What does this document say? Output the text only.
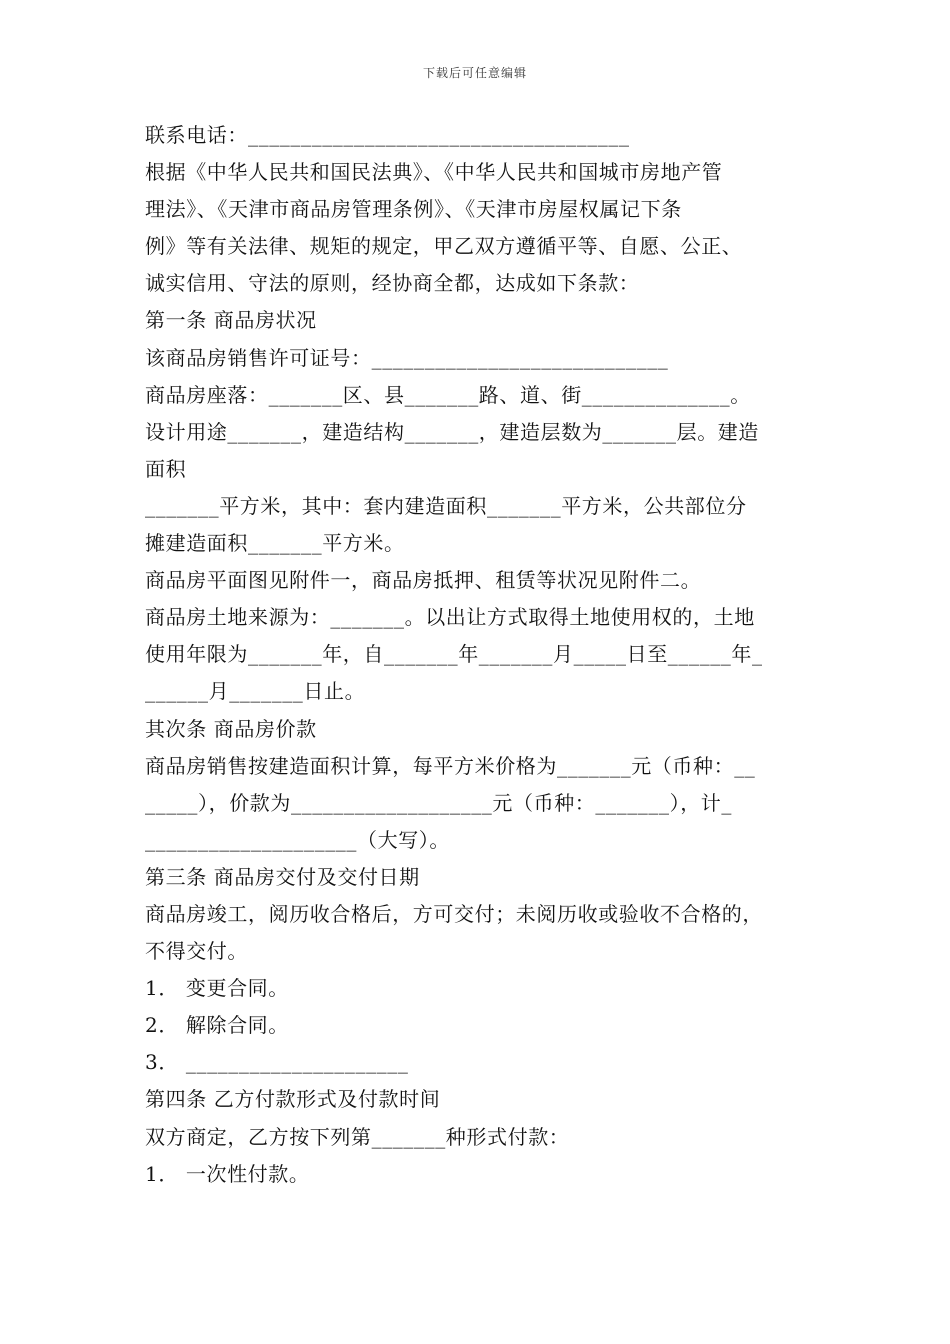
下载后可任意编辑
联系电话：____________________________________
根据《中华人民共和国民法典》、《中华人民共和国城市房地产管
理法》、《天津市商品房管理条例》、《天津市房屋权属记下条
例》等有关法律、规矩的规定，甲乙双方遵循平等、自愿、公正、
诚实信用、守法的原则，经协商全都，达成如下条款：
第一条 商品房状况
该商品房销售许可证号：____________________________
商品房座落：_______区、县_______路、道、街______________。
设计用途_______，建造结构_______，建造层数为_______层。建造
面积
_______平方米，其中：套内建造面积_______平方米，公共部位分
摊建造面积_______平方米。
商品房平面图见附件一，商品房抵押、租赁等状况见附件二。
商品房土地来源为：_______。以出让方式取得土地使用权的，土地
使用年限为_______年，自_______年_______月_____日至______年_
______月_______日止。
其次条 商品房价款
商品房销售按建造面积计算，每平方米价格为_______元（币种：__
_____），价款为___________________元（币种：_______），计_
____________________（大写）。
第三条 商品房交付及交付日期
商品房竣工，阅历收合格后，方可交付；未阅历收或验收不合格的，
不得交付。
1． 变更合同。
2． 解除合同。
3． _____________________
第四条 乙方付款形式及付款时间
双方商定，乙方按下列第_______种形式付款：
1． 一次性付款。
